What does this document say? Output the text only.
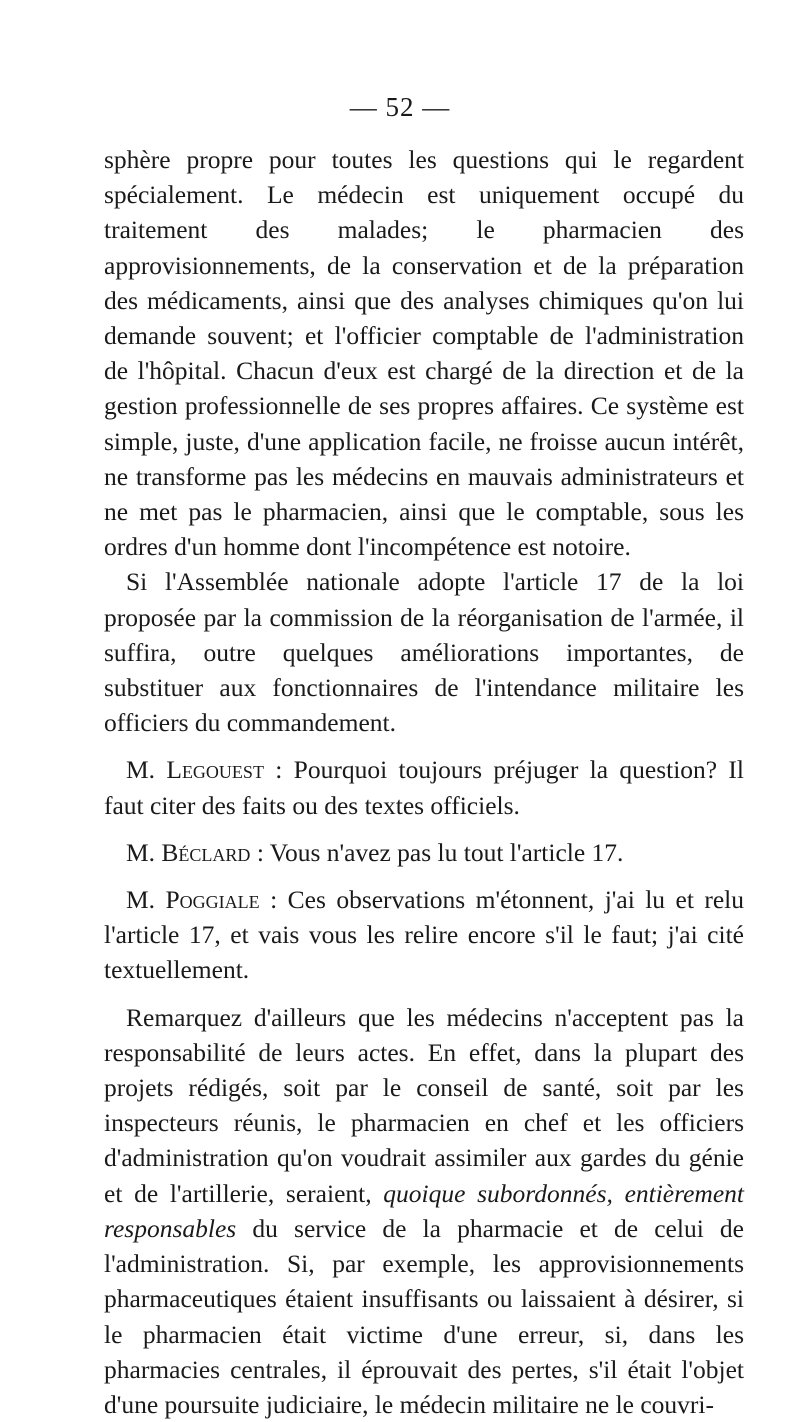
— 52 —

sphère propre pour toutes les questions qui le regardent spécialement. Le médecin est uniquement occupé du traitement des malades; le pharmacien des approvisionnements, de la conservation et de la préparation des médicaments, ainsi que des analyses chimiques qu'on lui demande souvent; et l'officier comptable de l'administration de l'hôpital. Chacun d'eux est chargé de la direction et de la gestion professionnelle de ses propres affaires. Ce système est simple, juste, d'une application facile, ne froisse aucun intérêt, ne transforme pas les médecins en mauvais administrateurs et ne met pas le pharmacien, ainsi que le comptable, sous les ordres d'un homme dont l'incompétence est notoire.

Si l'Assemblée nationale adopte l'article 17 de la loi proposée par la commission de la réorganisation de l'armée, il suffira, outre quelques améliorations importantes, de substituer aux fonctionnaires de l'intendance militaire les officiers du commandement.

M. Legouest : Pourquoi toujours préjuger la question? Il faut citer des faits ou des textes officiels.

M. Béclard : Vous n'avez pas lu tout l'article 17.

M. Poggiale : Ces observations m'étonnent, j'ai lu et relu l'article 17, et vais vous les relire encore s'il le faut; j'ai cité textuellement.

Remarquez d'ailleurs que les médecins n'acceptent pas la responsabilité de leurs actes. En effet, dans la plupart des projets rédigés, soit par le conseil de santé, soit par les inspecteurs réunis, le pharmacien en chef et les officiers d'administration qu'on voudrait assimiler aux gardes du génie et de l'artillerie, seraient, quoique subordonnés, entièrement responsables du service de la pharmacie et de celui de l'administration. Si, par exemple, les approvisionnements pharmaceutiques étaient insuffisants ou laissaient à désirer, si le pharmacien était victime d'une erreur, si, dans les pharmacies centrales, il éprouvait des pertes, s'il était l'objet d'une poursuite judiciaire, le médecin militaire ne le couvri-
